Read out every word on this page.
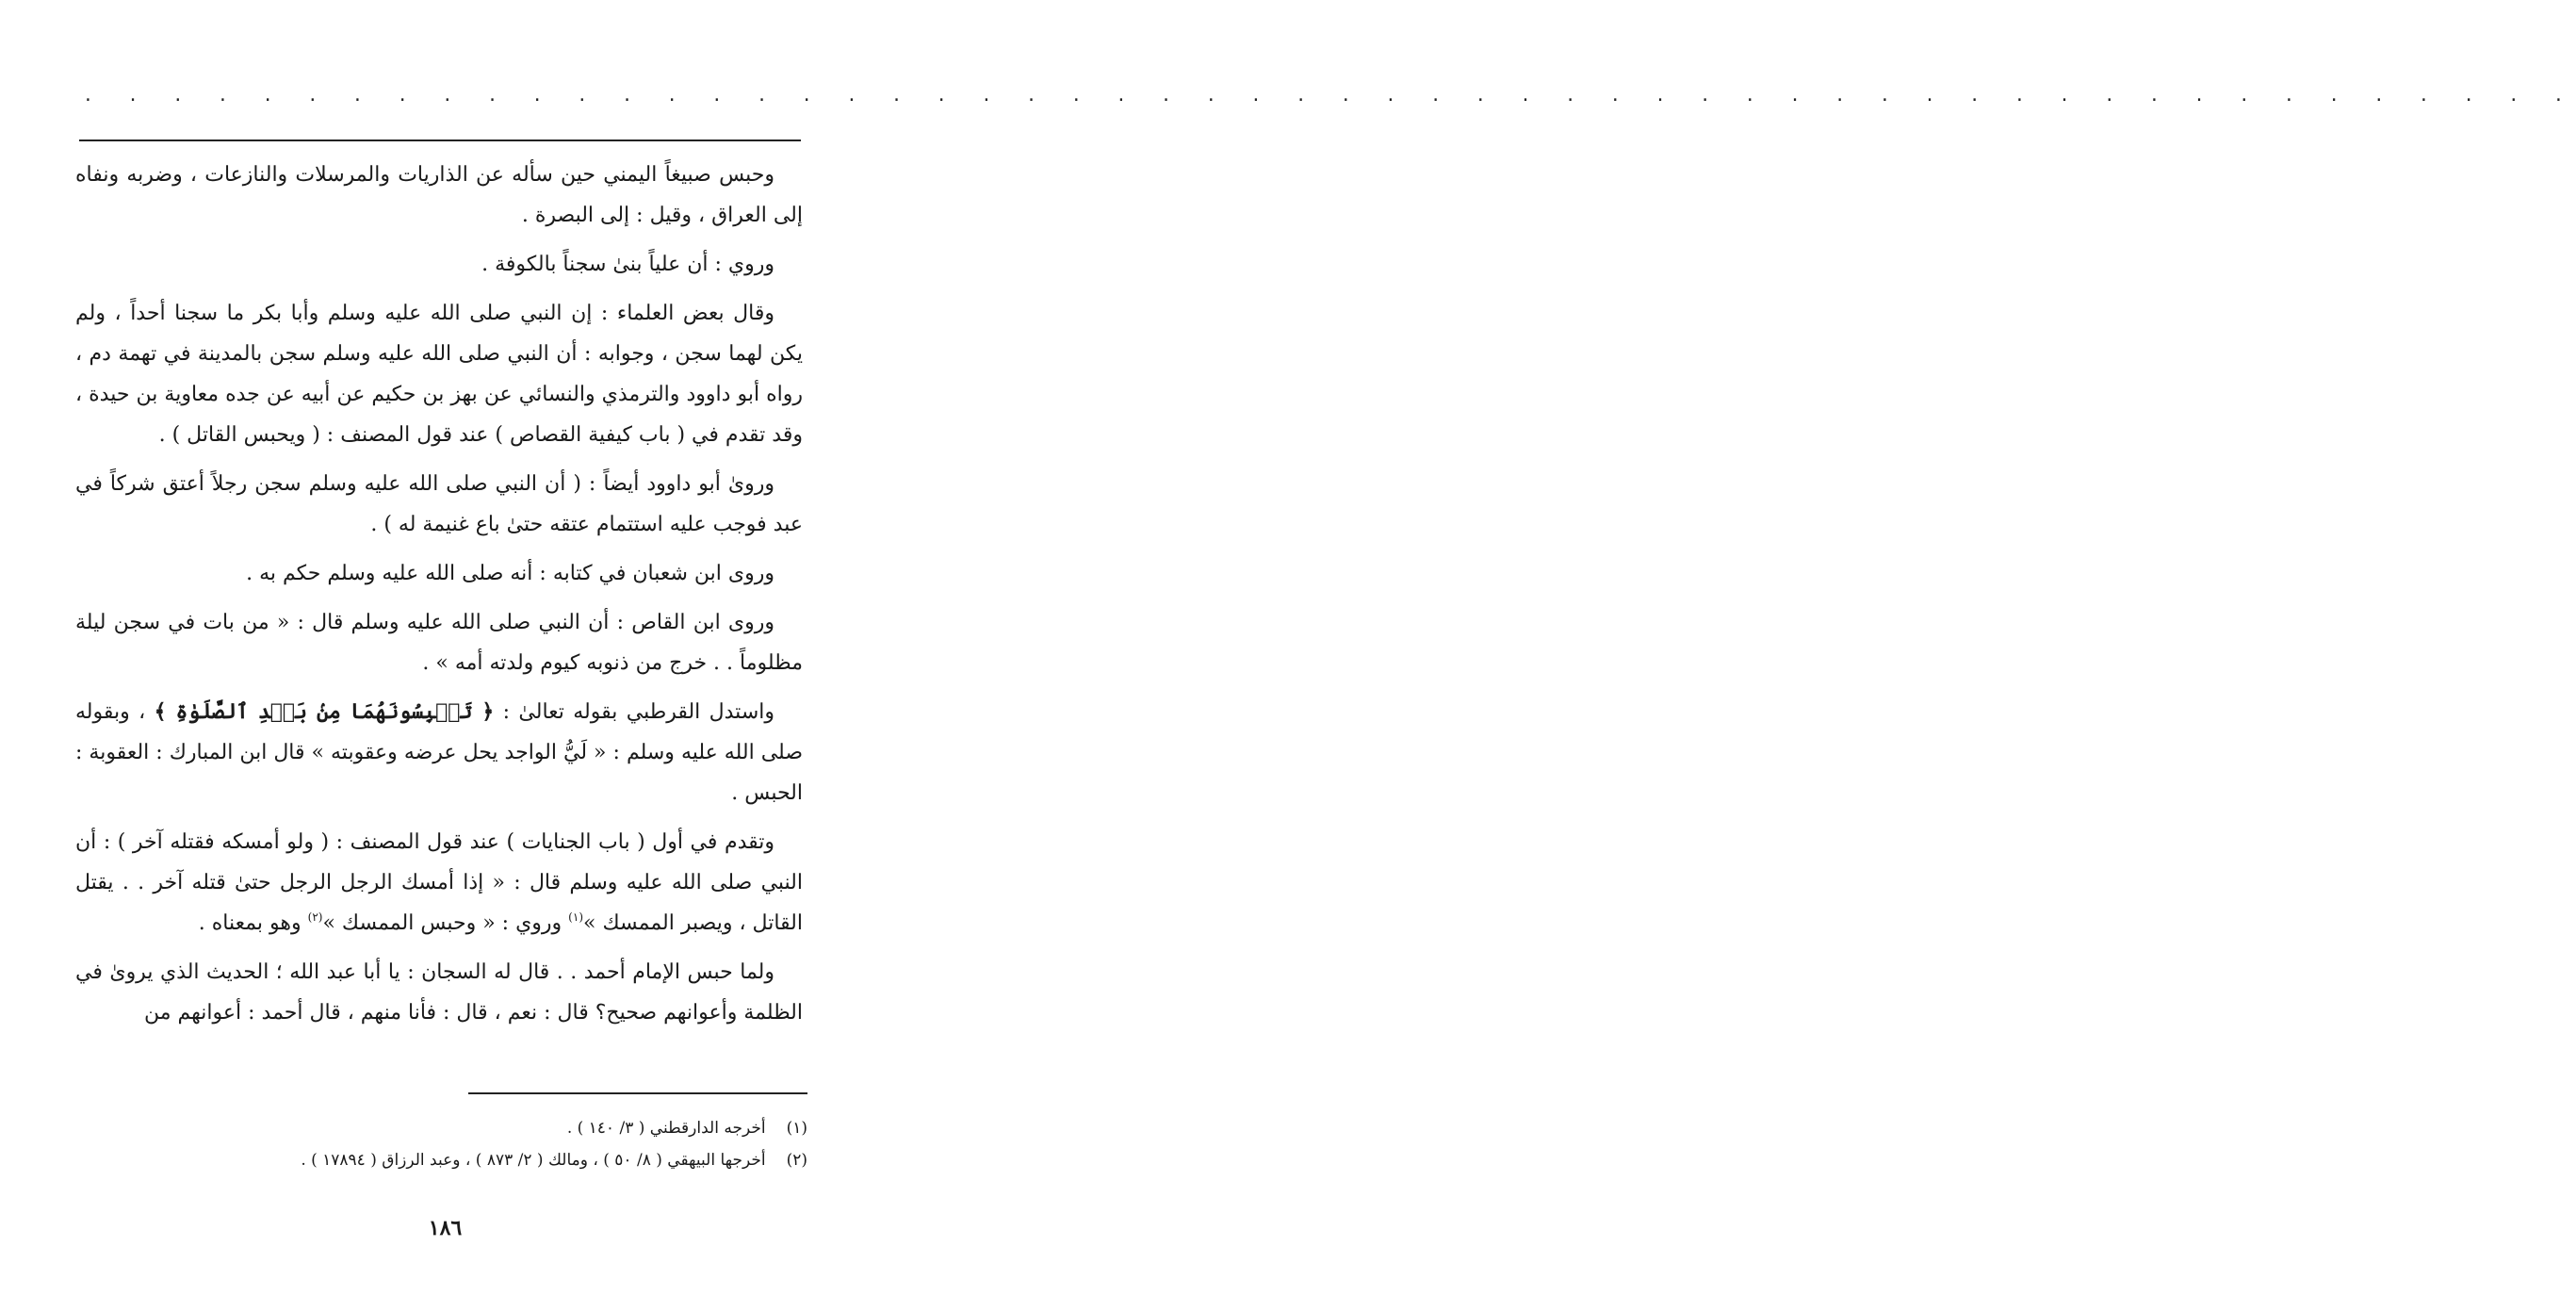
. . . . . . . . . . . . . . . . . . . . . . . . . . . . . . . . . . . . . . . . . . . . . . . . . . . . . . . .

وحبس صبيغاً اليمني حين سأله عن الذاريات والمرسلات والنازعات ، وضربه ونفاه إلى العراق ، وقيل : إلى البصرة .

وروي : أن علياً بنىٰ سجناً بالكوفة .

وقال بعض العلماء : إن النبي صلى الله عليه وسلم وأبا بكر ما سجنا أحداً ، ولم يكن لهما سجن ، وجوابه : أن النبي صلى الله عليه وسلم سجن بالمدينة في تهمة دم ، رواه أبو داوود والترمذي والنسائي عن بهز بن حكيم عن أبيه عن جده معاوية بن حيدة ، وقد تقدم في ( باب كيفية القصاص ) عند قول المصنف : ( ويحبس القاتل ) .

وروىٰ أبو داوود أيضاً : ( أن النبي صلى الله عليه وسلم سجن رجلاً أعتق شركاً في عبد فوجب عليه استتمام عتقه حتىٰ باع غنيمة له ) .

وروى ابن شعبان في كتابه : أنه صلى الله عليه وسلم حكم به .

وروى ابن القاص : أن النبي صلى الله عليه وسلم قال : « من بات في سجن ليلة مظلوماً . . خرج من ذنوبه كيوم ولدته أمه » .

واستدل القرطبي بقوله تعالىٰ : ﴿ تَحۡبِسُونَهُمَا مِنۢ بَعۡدِ ٱلصَّلَوٰةِ ﴾ ، وبقوله صلى الله عليه وسلم : « لَيُّ الواجد يحل عرضه وعقوبته » قال ابن المبارك : العقوبة : الحبس .

وتقدم في أول ( باب الجنايات ) عند قول المصنف : ( ولو أمسكه فقتله آخر ) : أن النبي صلى الله عليه وسلم قال : « إذا أمسك الرجل الرجل حتىٰ قتله آخر . . يقتل القاتل ، ويصبر الممسك »$^{(١)}$ وروي : « وحبس الممسك »$^{(٢)}$ وهو بمعناه .

ولما حبس الإمام أحمد . . قال له السجان : يا أبا عبد الله ؛ الحديث الذي يروىٰ في الظلمة وأعوانهم صحيح؟ قال : نعم ، قال : فأنا منهم ، قال أحمد : أعوانهم من

(١)أخرجه الدارقطني ( ٣/ ١٤٠ ) .
(٢)أخرجها البيهقي ( ٨/ ٥٠ ) ، ومالك ( ٢/ ٨٧٣ ) ، وعبد الرزاق ( ١٧٨٩٤ ) .
١٨٦
